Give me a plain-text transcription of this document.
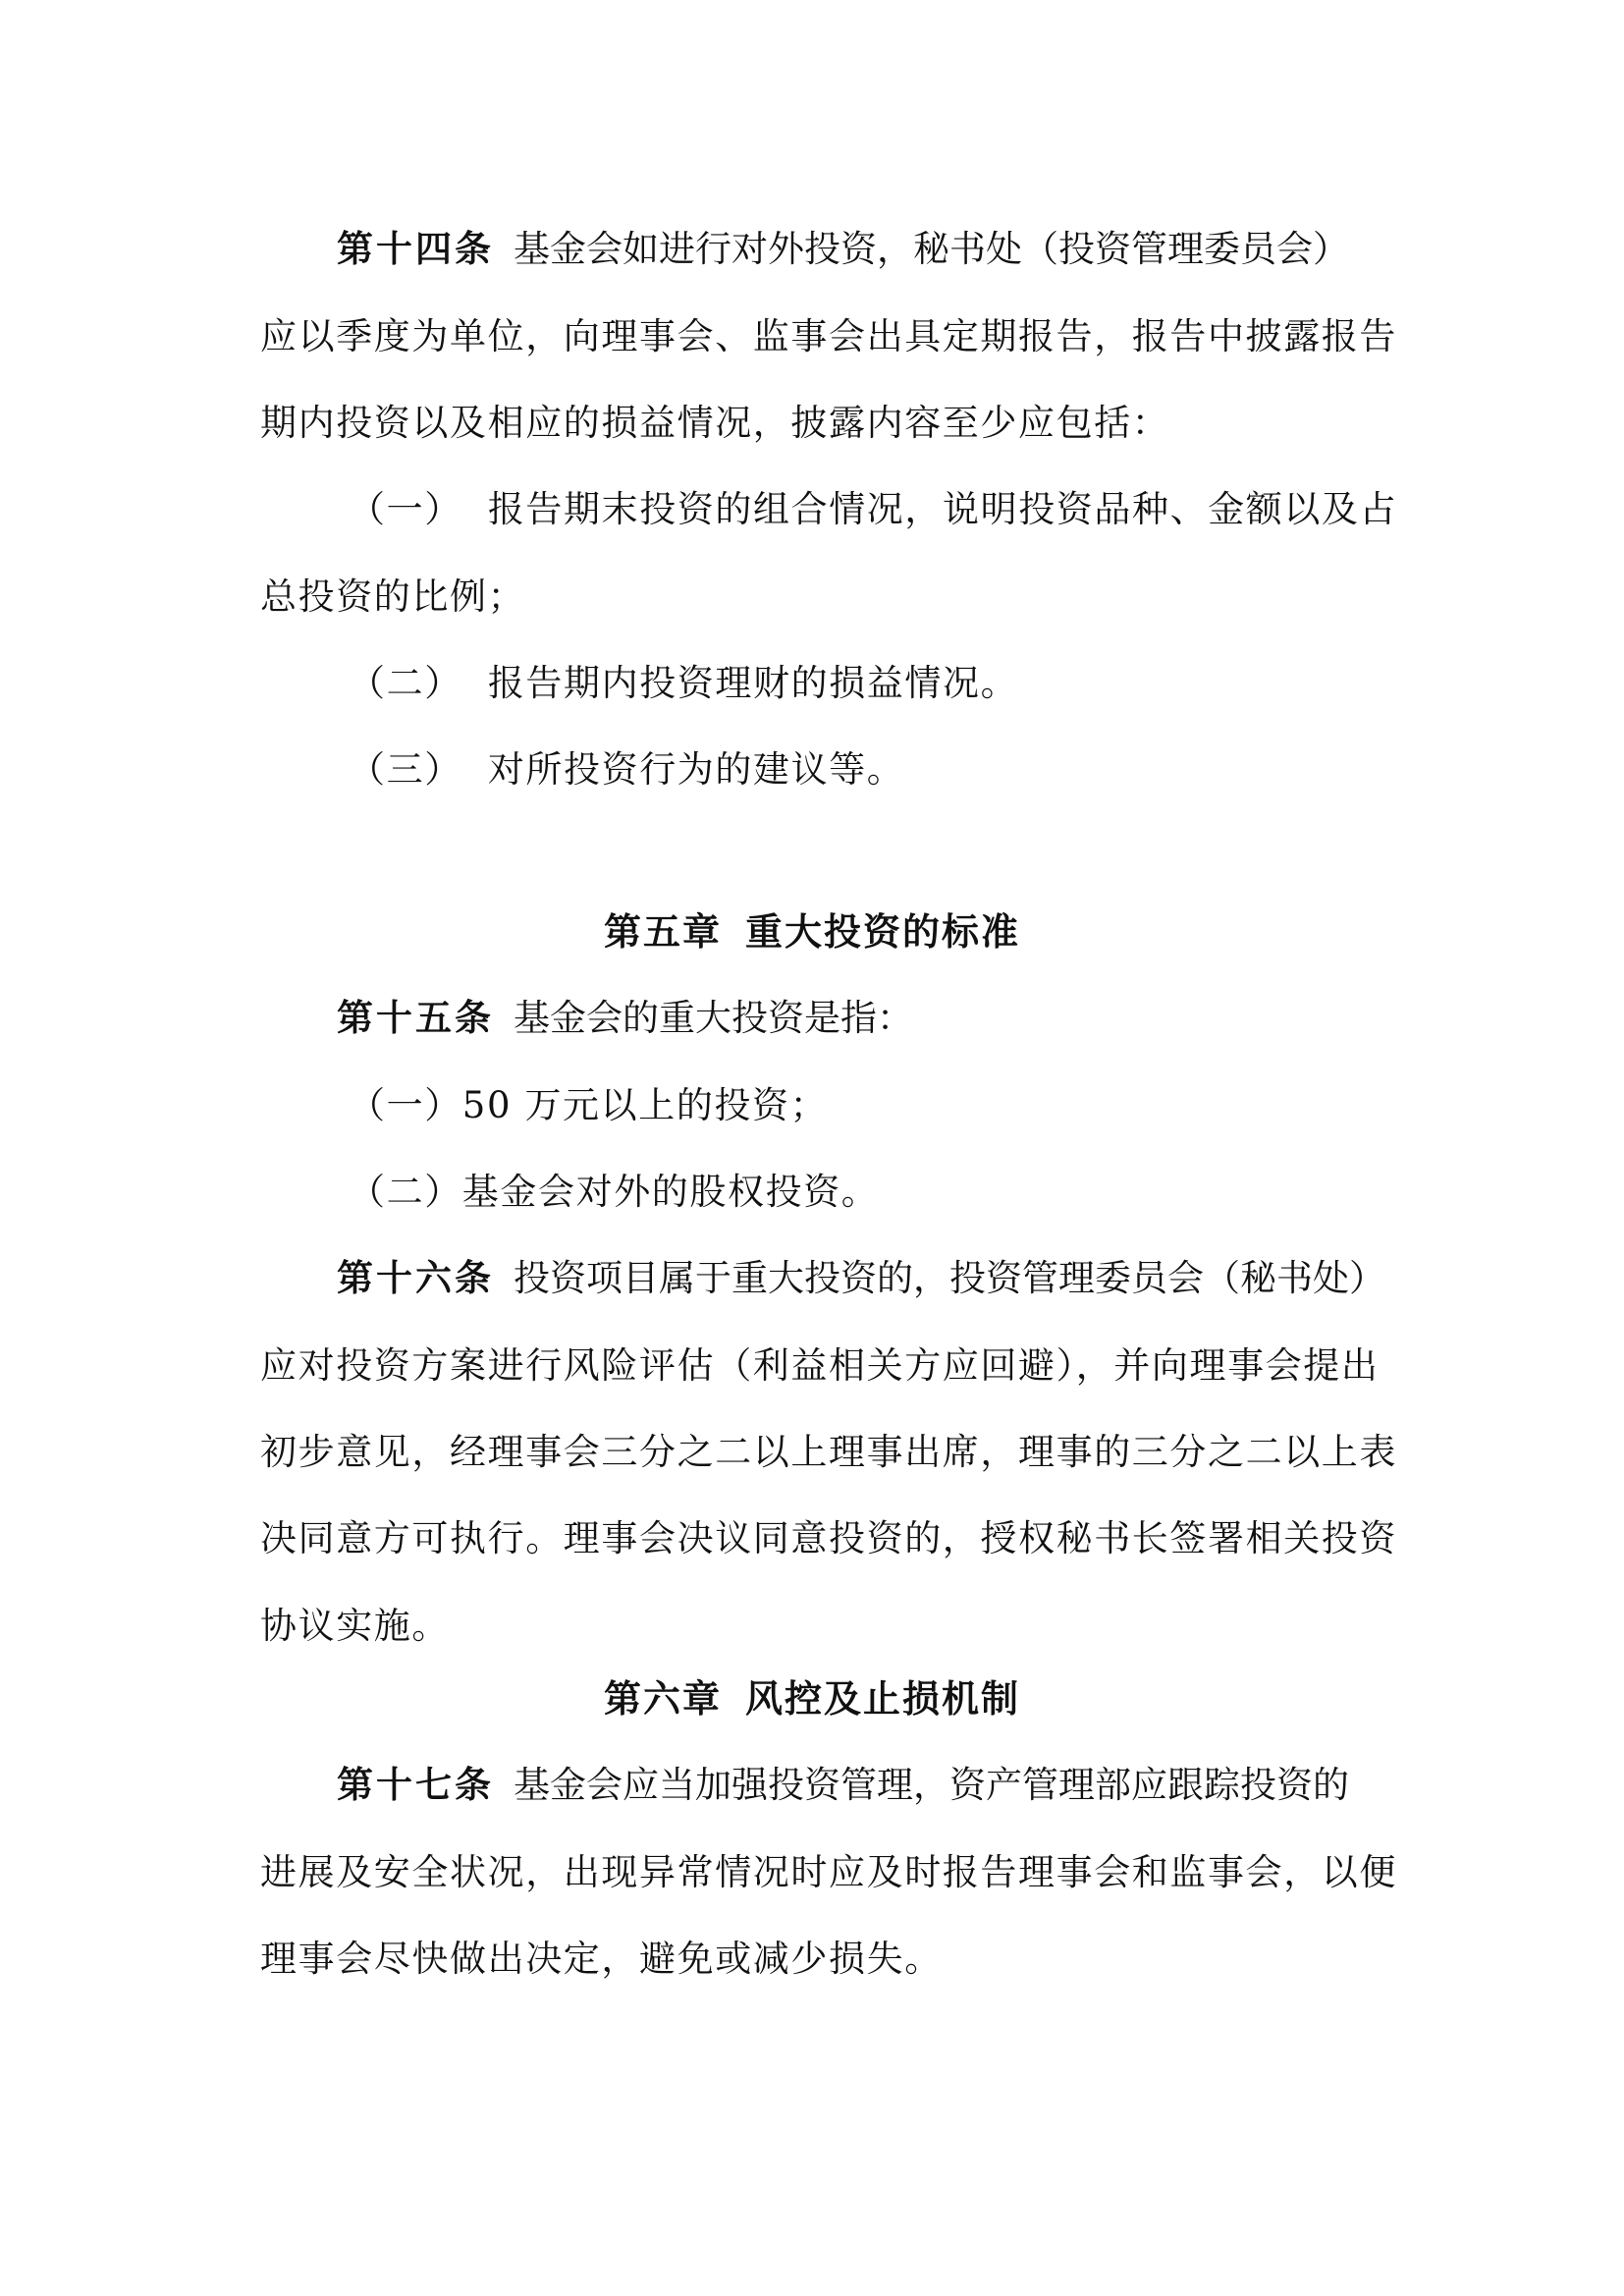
第十四条 基金会如进行对外投资，秘书处（投资管理委员会）
应以季度为单位，向理事会、监事会出具定期报告，报告中披露报告
期内投资以及相应的损益情况，披露内容至少应包括：
（一） 报告期末投资的组合情况，说明投资品种、金额以及占
总投资的比例；
（二） 报告期内投资理财的损益情况。
（三） 对所投资行为的建议等。
第五章 重大投资的标准
第十五条 基金会的重大投资是指：
（一）50 万元以上的投资；
（二）基金会对外的股权投资。
第十六条 投资项目属于重大投资的，投资管理委员会（秘书处）
应对投资方案进行风险评估（利益相关方应回避），并向理事会提出
初步意见，经理事会三分之二以上理事出席，理事的三分之二以上表
决同意方可执行。理事会决议同意投资的，授权秘书长签署相关投资
协议实施。
第六章 风控及止损机制
第十七条 基金会应当加强投资管理，资产管理部应跟踪投资的
进展及安全状况，出现异常情况时应及时报告理事会和监事会，以便
理事会尽快做出决定，避免或减少损失。
